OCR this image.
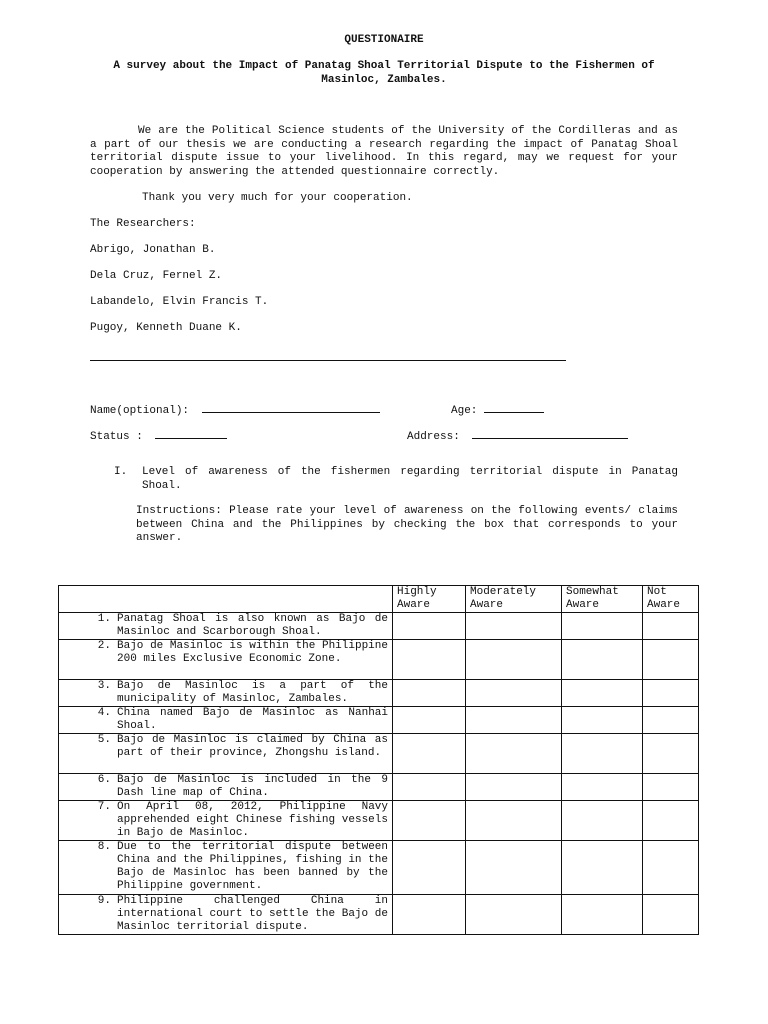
QUESTIONAIRE
A survey about the Impact of Panatag Shoal Territorial Dispute to the Fishermen of Masinloc, Zambales.
We are the Political Science students of the University of the Cordilleras and as a part of our thesis we are conducting a research regarding the impact of Panatag Shoal territorial dispute issue to your livelihood. In this regard, may we request for your cooperation by answering the attended questionnaire correctly.
Thank you very much for your cooperation.
The Researchers:
Abrigo, Jonathan B.
Dela Cruz, Fernel Z.
Labandelo, Elvin Francis T.
Pugoy, Kenneth Duane K.
Name(optional):	Age:
Status :	Address:
I. Level of awareness of the fishermen regarding territorial dispute in Panatag Shoal.
Instructions: Please rate your level of awareness on the following events/ claims between China and the Philippines by checking the box that corresponds to your answer.
	Highly Aware	Moderately Aware	Somewhat Aware	Not Aware

1. Panatag Shoal is also known as Bajo de Masinloc and Scarborough Shoal.				

2. Bajo de Masinloc is within the Philippine 200 miles Exclusive Economic Zone.				

3. Bajo de Masinloc is a part of the municipality of Masinloc, Zambales.				

4. China named Bajo de Masinloc as Nanhai Shoal.				

5. Bajo de Masinloc is claimed by China as part of their province, Zhongshu island.				

6. Bajo de Masinloc is included in the 9 Dash line map of China.				

7. On April 08, 2012, Philippine Navy apprehended eight Chinese fishing vessels in Bajo de Masinloc.				

8. Due to the territorial dispute between China and the Philippines, fishing in the Bajo de Masinloc has been banned by the Philippine government.				

9. Philippine challenged China in international court to settle the Bajo de Masinloc territorial dispute.				
